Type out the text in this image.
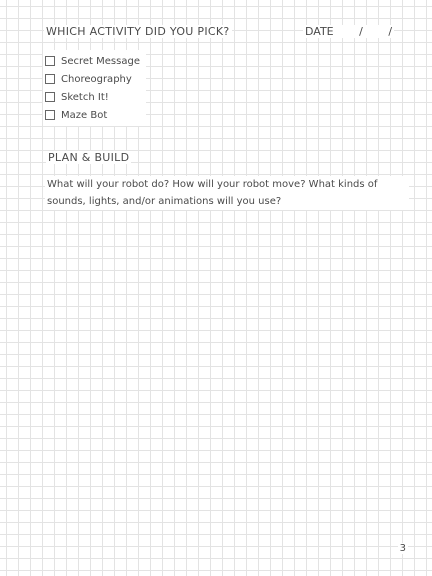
WHICH ACTIVITY DID YOU PICK?	DATE / /
Secret Message
Choreography
Sketch It!
Maze Bot
PLAN & BUILD
What will your robot do? How will your robot move? What kinds of sounds, lights, and/or animations will you use?
3
